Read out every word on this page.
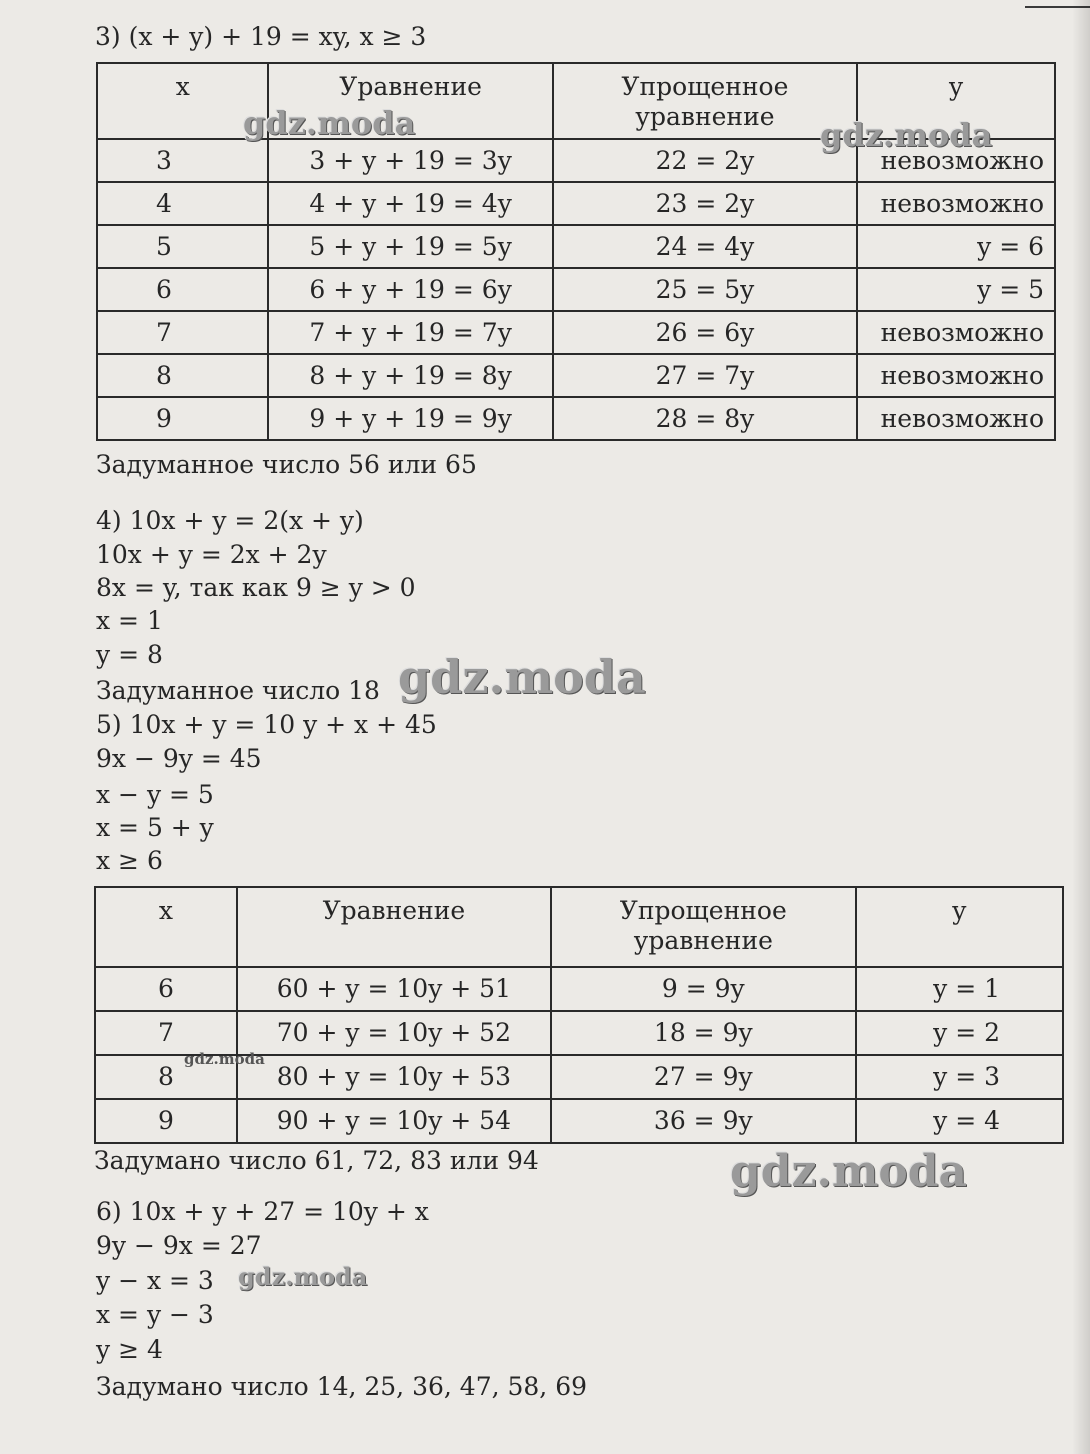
3) (x + y) + 19 = xy, x ≥ 3
x	Уравнение	Упрощенное уравнение	y
3	3 + y + 19 = 3y	22 = 2y	невозможно
4	4 + y + 19 = 4y	23 = 2y	невозможно
5	5 + y + 19 = 5y	24 = 4y	y = 6
6	6 + y + 19 = 6y	25 = 5y	y = 5
7	7 + y + 19 = 7y	26 = 6y	невозможно
8	8 + y + 19 = 8y	27 = 7y	невозможно
9	9 + y + 19 = 9y	28 = 8y	невозможно
Задуманное число 56 или 65
4) 10x + y = 2(x + y)
10x + y = 2x + 2y
8x = y, так как 9 ≥ y > 0
x = 1
y = 8
Задуманное число 18
5) 10x + y = 10 y + x + 45
9x − 9y = 45
x − y = 5
x = 5 + y
x ≥ 6
x	Уравнение	Упрощенное уравнение	y
6	60 + y = 10y + 51	9 = 9y	y = 1
7	70 + y = 10y + 52	18 = 9y	y = 2
8	80 + y = 10y + 53	27 = 9y	y = 3
9	90 + y = 10y + 54	36 = 9y	y = 4
Задумано число 61, 72, 83 или 94
6) 10x + y + 27 = 10y + x
9y − 9x = 27
y − x = 3
x = y − 3
y ≥ 4
Задумано число 14, 25, 36, 47, 58, 69
gdz.moda	gdz.moda
gdz.moda
gdz.moda
gdz.moda
gdz.moda
